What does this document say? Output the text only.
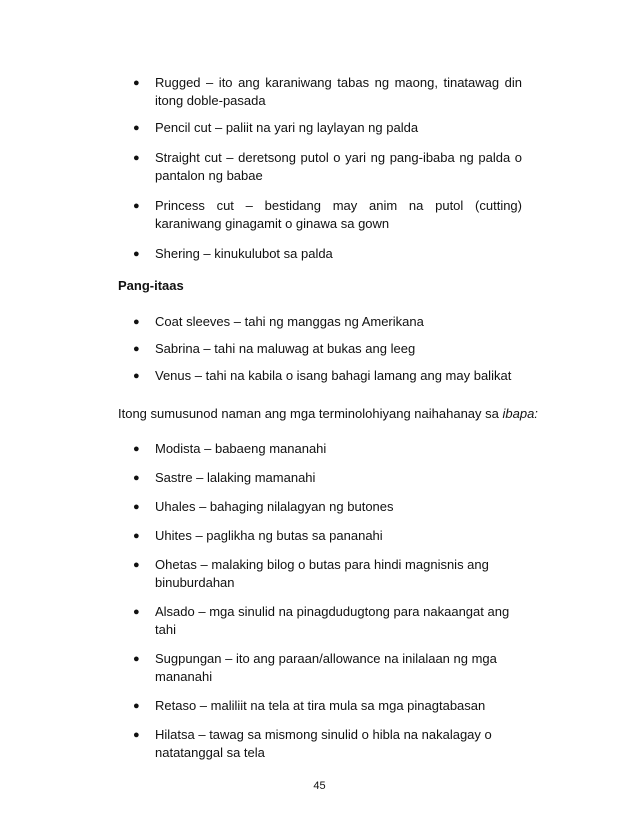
● Rugged – ito ang karaniwang tabas ng maong, tinatawag din itong doble-pasada
● Pencil cut – paliit na yari ng laylayan ng palda
● Straight cut – deretsong putol o yari ng pang-ibaba ng palda o pantalon ng babae
● Princess cut – bestidang may anim na putol (cutting) karaniwang ginagamit o ginawa sa gown
● Shering – kinukulubot sa palda
Pang-itaas
● Coat sleeves – tahi ng manggas ng Amerikana
● Sabrina – tahi na maluwag at bukas ang leeg
● Venus – tahi na kabila o isang bahagi lamang ang may balikat
Itong sumusunod naman ang mga terminolohiyang naihahanay sa ibapa:
● Modista – babaeng mananahi
● Sastre – lalaking mamanahi
● Uhales – bahaging nilalagyan ng butones
● Uhites – paglikha ng butas sa pananahi
● Ohetas – malaking bilog o butas para hindi magnisnis ang binuburdahan
● Alsado – mga sinulid na pinagdudugtong para nakaangat ang tahi
● Sugpungan – ito ang paraan/allowance na inilalaan ng mga mananahi
● Retaso – maliliit na tela at tira mula sa mga pinagtabasan
● Hilatsa – tawag sa mismong sinulid o hibla na nakalagay o natatanggal sa tela
45
